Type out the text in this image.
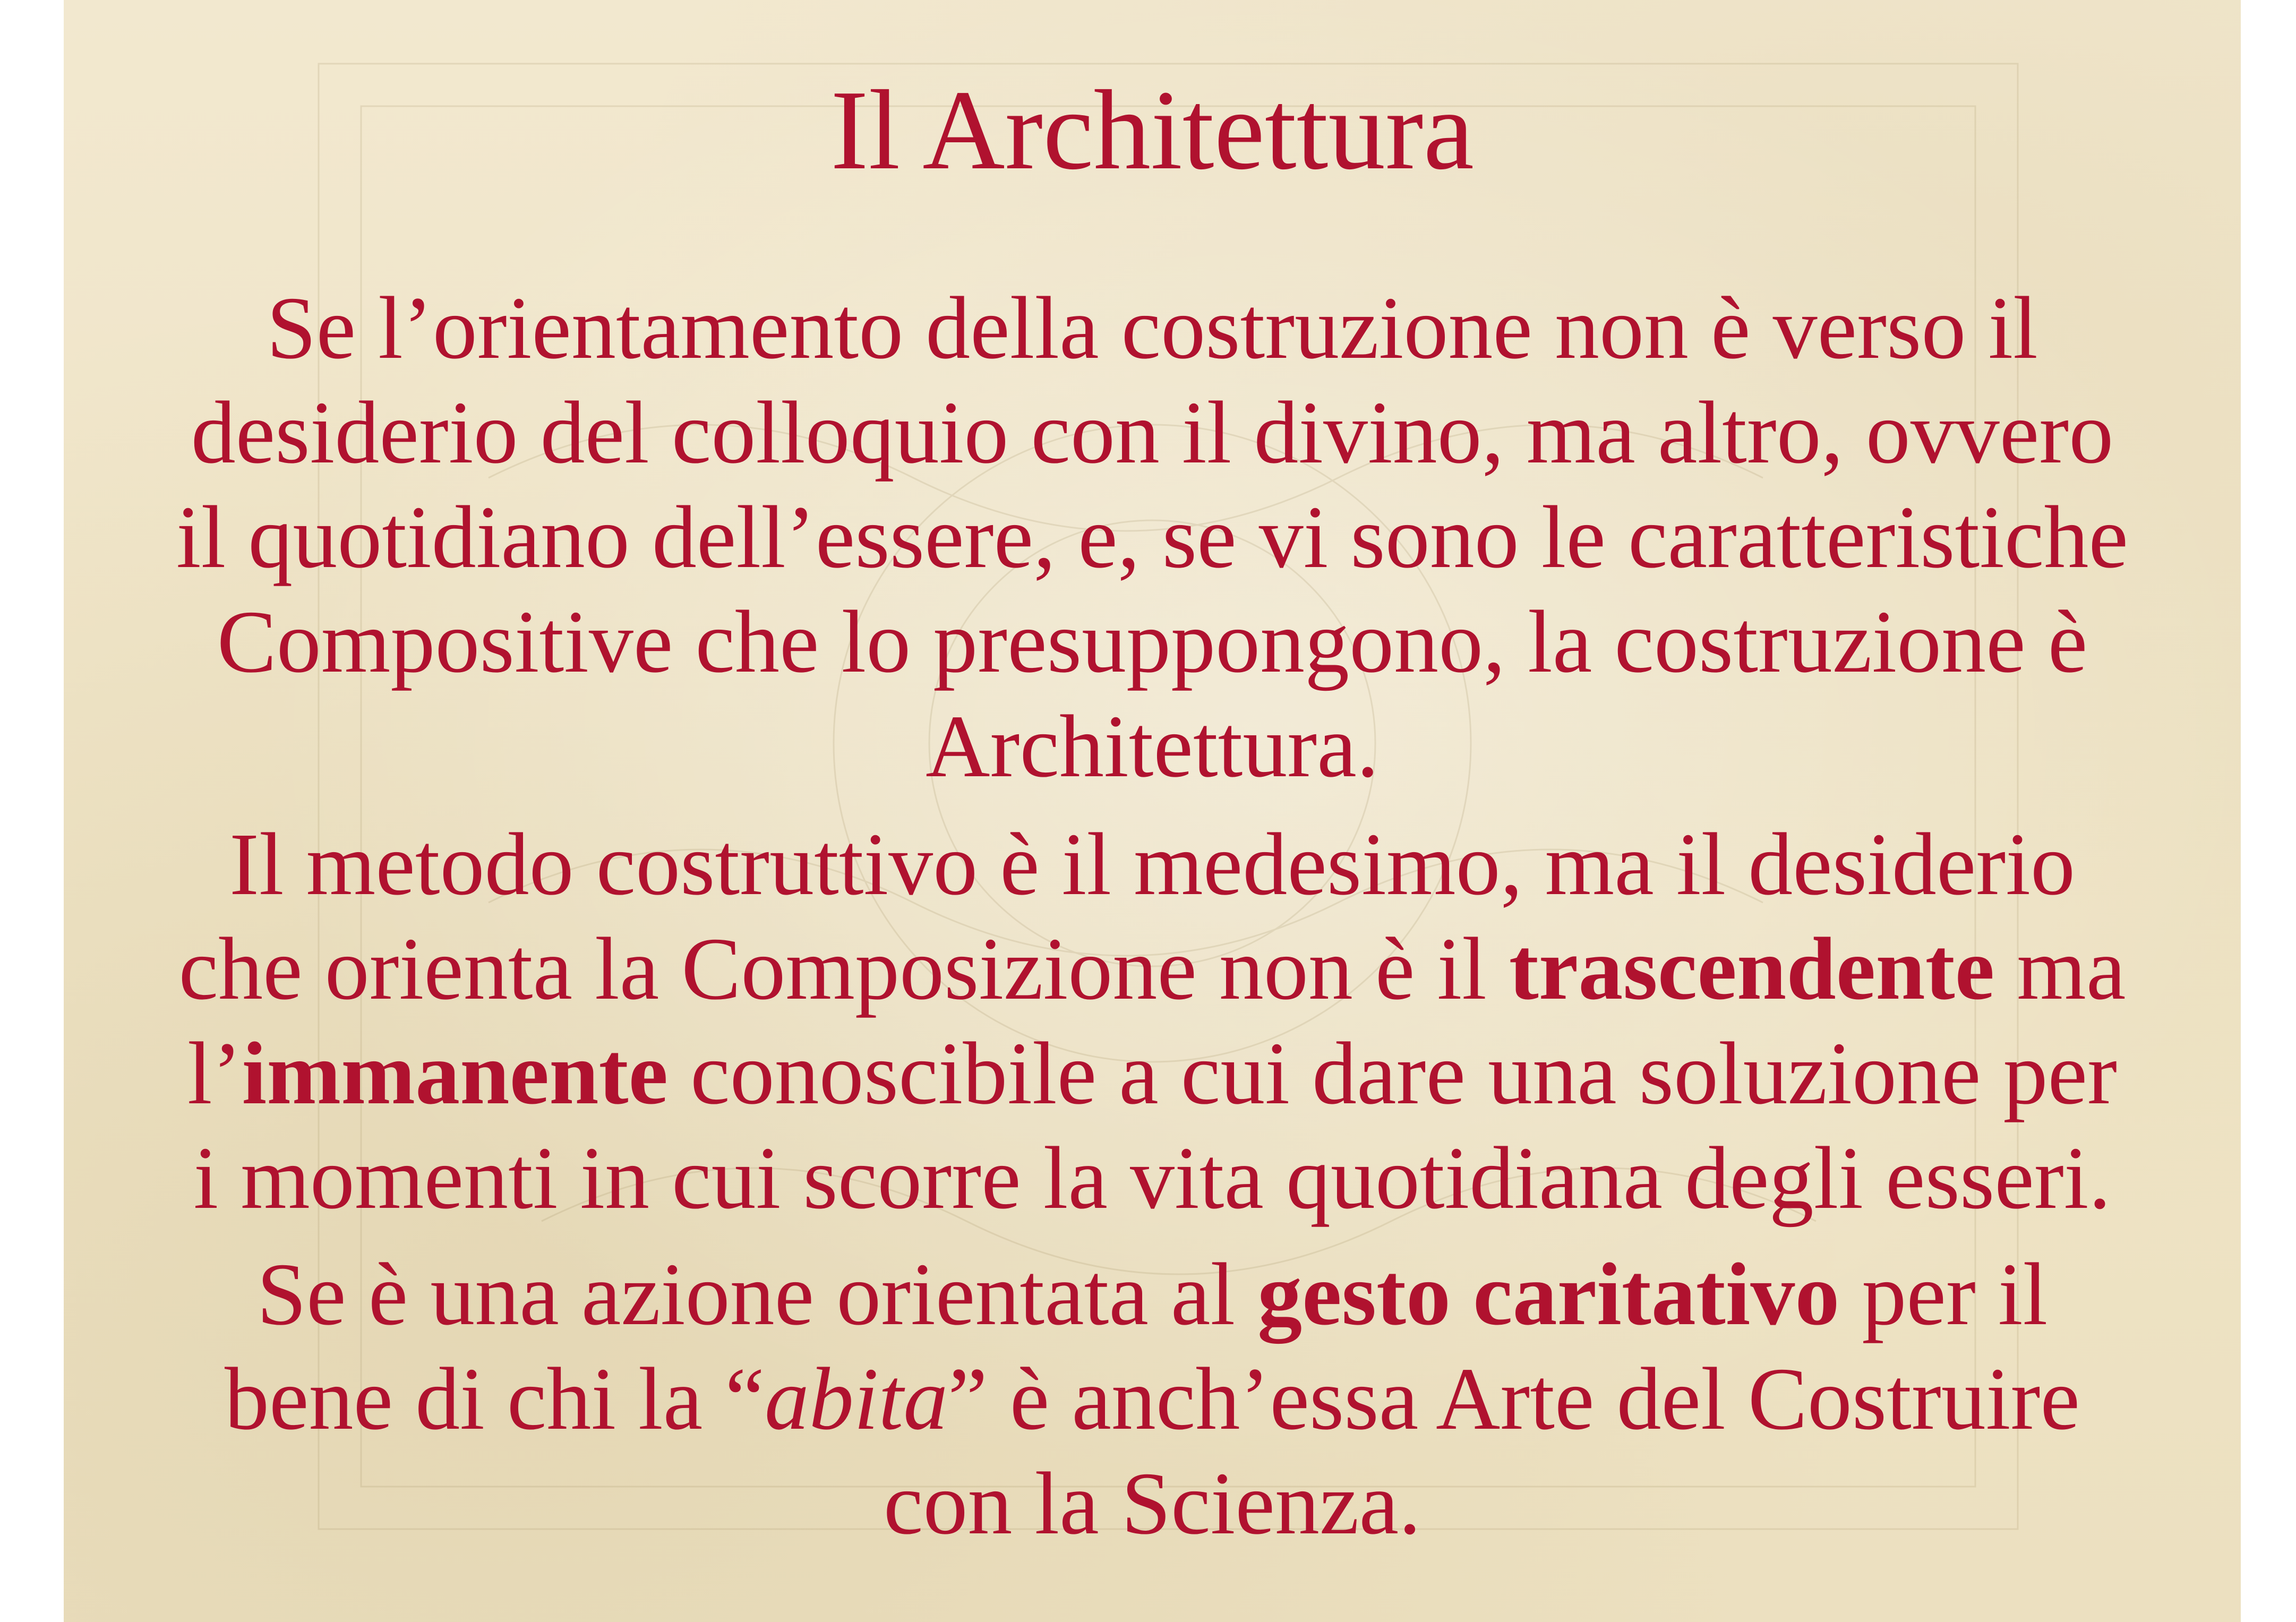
Il Architettura
Se l’orientamento della costruzione non è verso il
desiderio del colloquio con il divino, ma altro, ovvero
il quotidiano dell’essere, e, se vi sono le caratteristiche
Compositive che lo presuppongono, la costruzione è
Architettura.
Il metodo costruttivo è il medesimo, ma il desiderio
che orienta la Composizione non è il trascendente ma
l’immanente conoscibile a cui dare una soluzione per
i momenti in cui scorre la vita quotidiana degli esseri.
Se è una azione orientata al gesto caritativo per il
bene di chi la “abita” è anch’essa Arte del Costruire
con la Scienza.
